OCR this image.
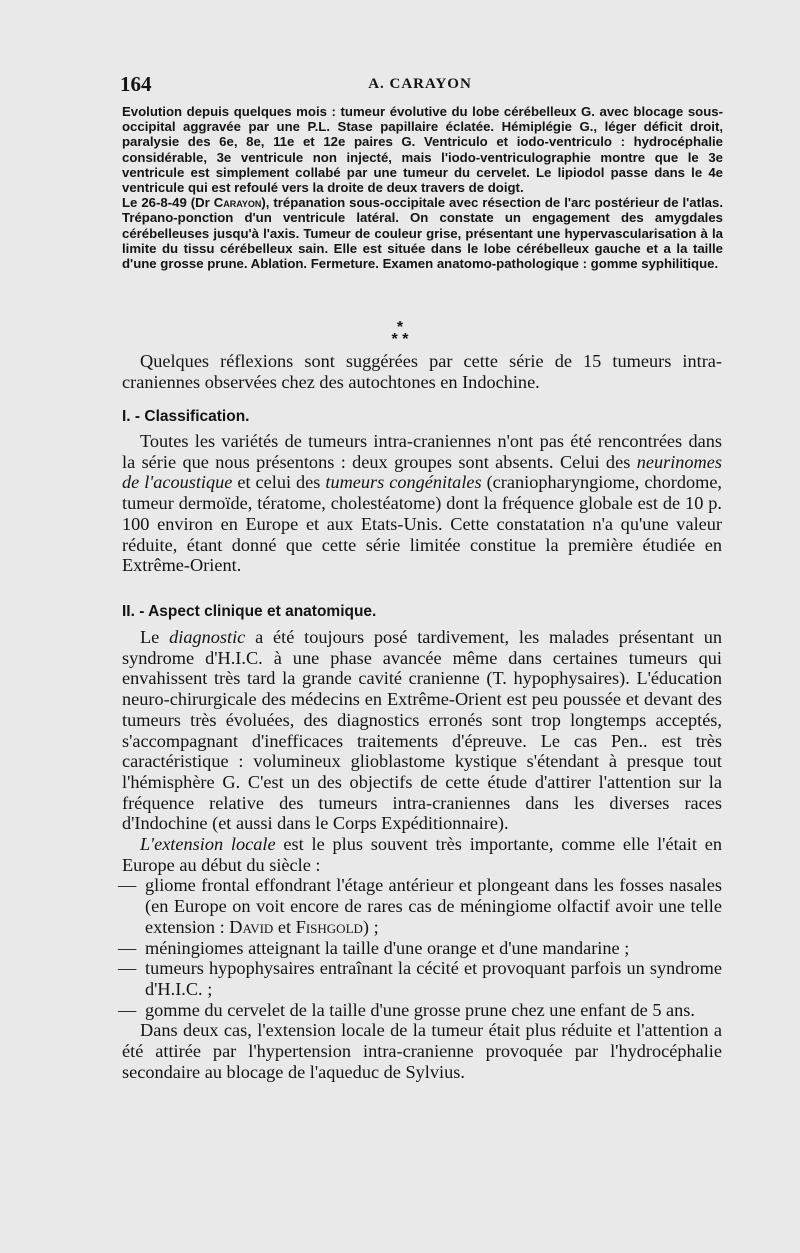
164	A. CARAYON

Evolution depuis quelques mois : tumeur évolutive du lobe cérébelleux G. avec blocage sous-occipital aggravée par une P.L. Stase papillaire éclatée. Hémiplégie G., léger déficit droit, paralysie des 6e, 8e, 11e et 12e paires G. Ventriculo et iodo-ventriculo : hydrocéphalie considérable, 3e ventricule non injecté, mais l'iodo-ventriculographie montre que le 3e ventricule est simplement collabé par une tumeur du cervelet. Le lipiodol passe dans le 4e ventricule qui est refoulé vers la droite de deux travers de doigt.

Le 26-8-49 (Dr Carayon), trépanation sous-occipitale avec résection de l'arc postérieur de l'atlas. Trépano-ponction d'un ventricule latéral. On constate un engagement des amygdales cérébelleuses jusqu'à l'axis. Tumeur de couleur grise, présentant une hypervascularisation à la limite du tissu cérébelleux sain. Elle est située dans le lobe cérébelleux gauche et a la taille d'une grosse prune. Ablation. Fermeture. Examen anatomo-pathologique : gomme syphilitique.

*
* *

Quelques réflexions sont suggérées par cette série de 15 tumeurs intra-craniennes observées chez des autochtones en Indochine.

I. - Classification.

Toutes les variétés de tumeurs intra-craniennes n'ont pas été rencontrées dans la série que nous présentons : deux groupes sont absents. Celui des neurinomes de l'acoustique et celui des tumeurs congénitales (craniopharyngiome, chordome, tumeur dermoïde, tératome, cholestéatome) dont la fréquence globale est de 10 p. 100 environ en Europe et aux Etats-Unis. Cette constatation n'a qu'une valeur réduite, étant donné que cette série limitée constitue la première étudiée en Extrême-Orient.

II. - Aspect clinique et anatomique.

Le diagnostic a été toujours posé tardivement, les malades présentant un syndrome d'H.I.C. à une phase avancée même dans certaines tumeurs qui envahissent très tard la grande cavité cranienne (T. hypophysaires). L'éducation neuro-chirurgicale des médecins en Extrême-Orient est peu poussée et devant des tumeurs très évoluées, des diagnostics erronés sont trop longtemps acceptés, s'accompagnant d'inefficaces traitements d'épreuve. Le cas Pen.. est très caractéristique : volumineux glioblastome kystique s'étendant à presque tout l'hémisphère G. C'est un des objectifs de cette étude d'attirer l'attention sur la fréquence relative des tumeurs intra-craniennes dans les diverses races d'Indochine (et aussi dans le Corps Expéditionnaire).

L'extension locale est le plus souvent très importante, comme elle l'était en Europe au début du siècle :

— gliome frontal effondrant l'étage antérieur et plongeant dans les fosses nasales (en Europe on voit encore de rares cas de méningiome olfactif avoir une telle extension : David et Fishgold) ;

— méningiomes atteignant la taille d'une orange et d'une mandarine ;

— tumeurs hypophysaires entraînant la cécité et provoquant parfois un syndrome d'H.I.C. ;

— gomme du cervelet de la taille d'une grosse prune chez une enfant de 5 ans.

Dans deux cas, l'extension locale de la tumeur était plus réduite et l'attention a été attirée par l'hypertension intra-cranienne provoquée par l'hydrocéphalie secondaire au blocage de l'aqueduc de Sylvius.
